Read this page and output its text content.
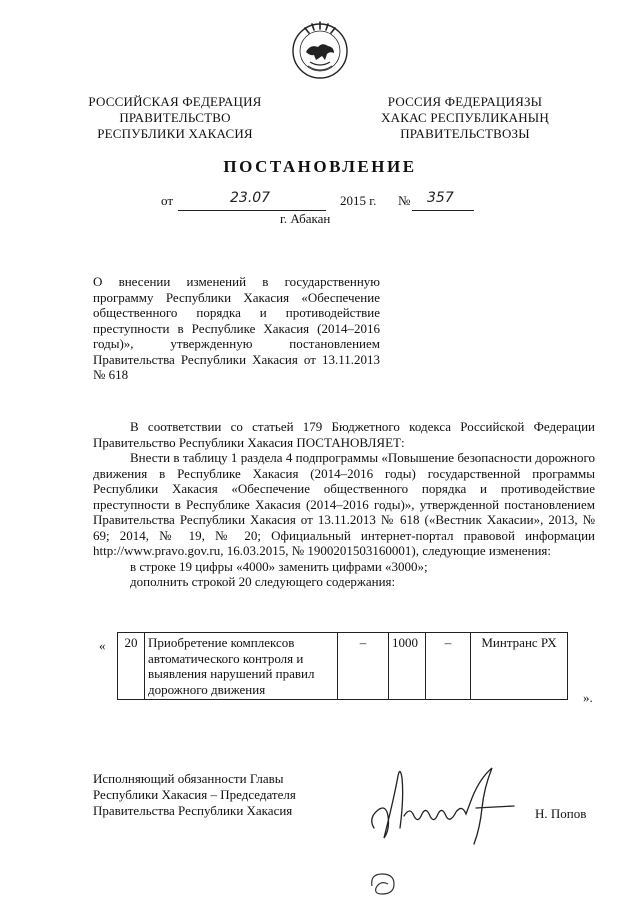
РОССИЙСКАЯ ФЕДЕРАЦИЯ
ПРАВИТЕЛЬСТВО
РЕСПУБЛИКИ ХАКАСИЯ
РОССИЯ ФЕДЕРАЦИЯЗЫ
ХАКАС РЕСПУБЛИКАНЫҢ
ПРАВИТЕЛЬСТВОЗЫ
ПОСТАНОВЛЕНИЕ
от	23.07	2015 г. № 357
г. Абакан

О внесении изменений в государственную программу Республики Хакасия «Обеспечение общественного порядка и противодействие преступности в Республике Хакасия (2014–2016 годы)», утвержденную постановлением Правительства Республики Хакасия от 13.11.2013 № 618

В соответствии со статьей 179 Бюджетного кодекса Российской Федерации Правительство Республики Хакасия ПОСТАНОВЛЯЕТ:

Внести в таблицу 1 раздела 4 подпрограммы «Повышение безопасности дорожного движения в Республике Хакасия (2014–2016 годы) государственной программы Республики Хакасия «Обеспечение общественного порядка и противодействие преступности в Республике Хакасия (2014–2016 годы)», утвержденной постановлением Правительства Республики Хакасия от 13.11.2013 № 618 («Вестник Хакасии», 2013, № 69; 2014, № 19, № 20; Официальный интернет-портал правовой информации http://www.pravo.gov.ru, 16.03.2015, № 1900201503160001), следующие изменения:

в строке 19 цифры «4000» заменить цифрами «3000»;

дополнить строкой 20 следующего содержания:

« 20	Приобретение комплексов автоматического контроля и выявления нарушений правил дорожного движения	–	1000	–	Минтранс РХ
».
Исполняющий обязанности Главы
Республики Хакасия – Председателя
Правительства Республики Хакасия	Н. Попов
